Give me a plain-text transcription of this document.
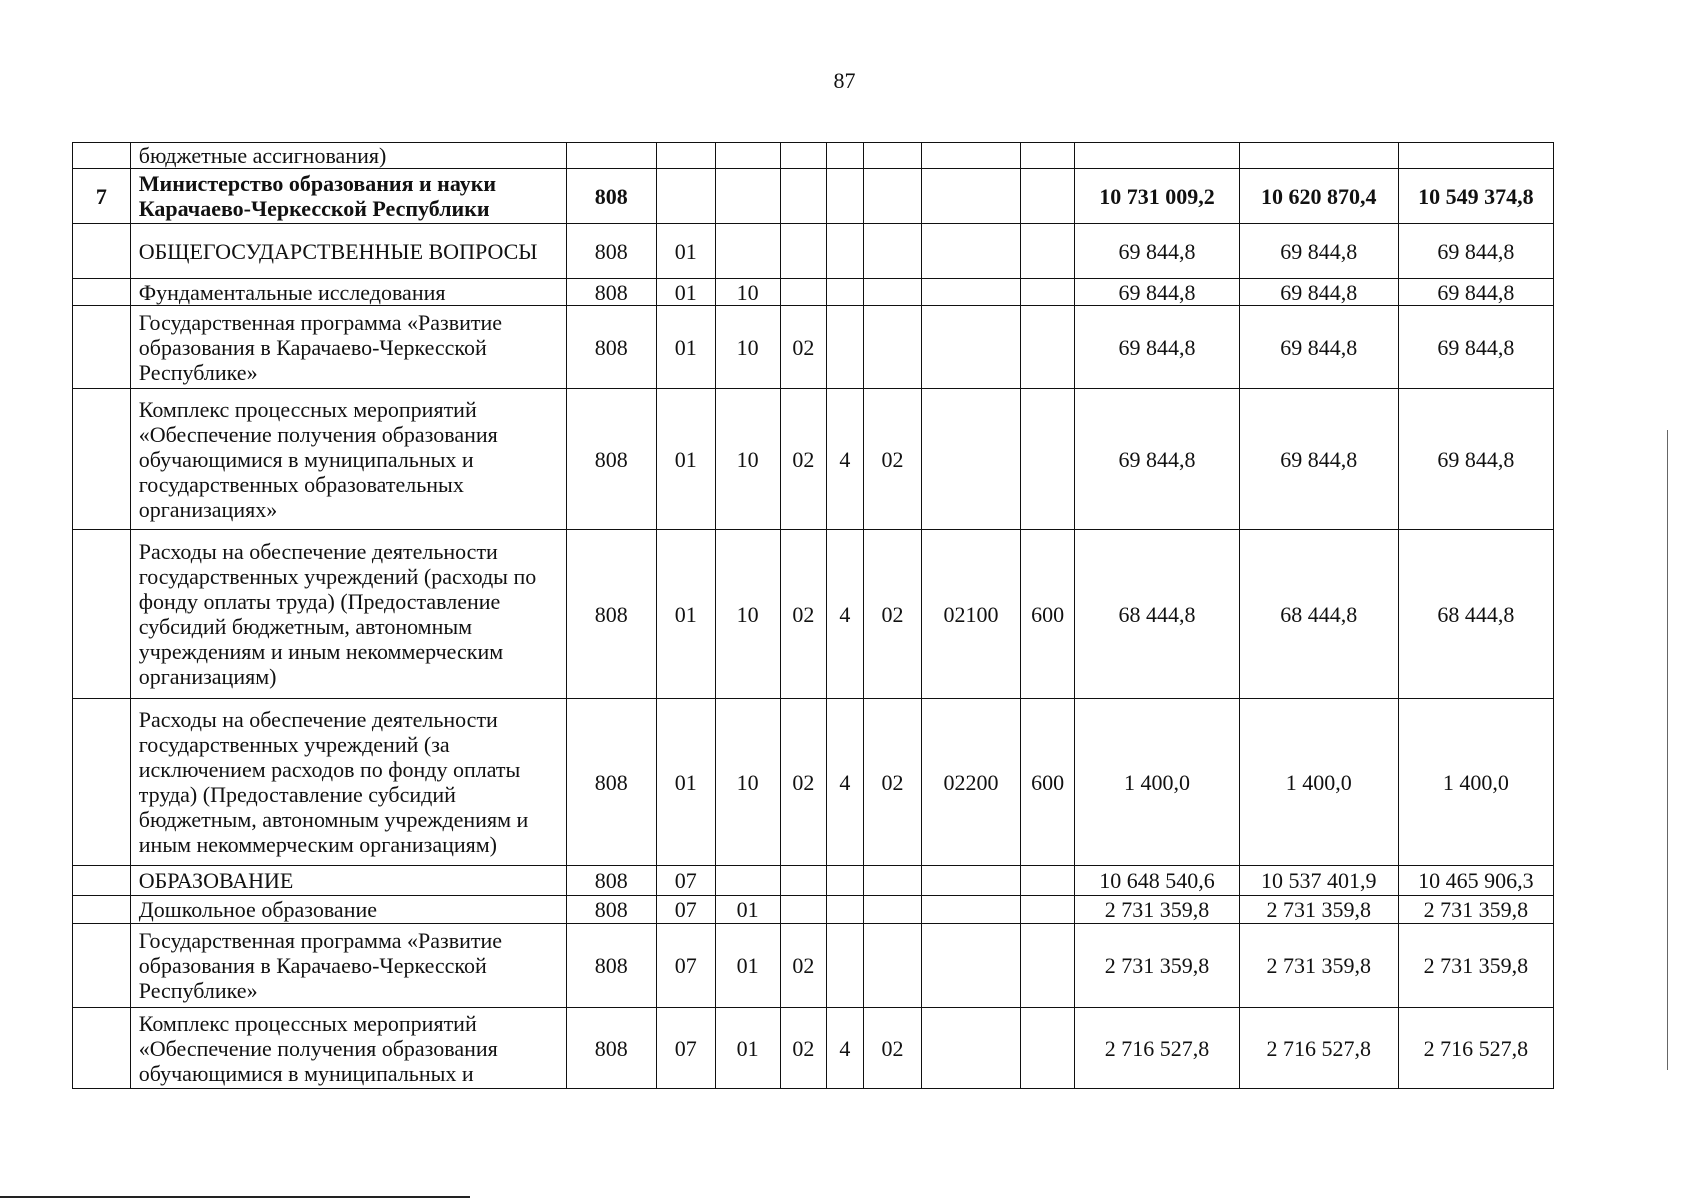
87
	бюджетные ассигнования)											
7	Министерство образования и науки Карачаево-Черкесской Республики	808								10 731 009,2	10 620 870,4	10 549 374,8
	ОБЩЕГОСУДАРСТВЕННЫЕ ВОПРОСЫ	808	01							69 844,8	69 844,8	69 844,8
	Фундаментальные исследования	808	01	10						69 844,8	69 844,8	69 844,8
	Государственная программа «Развитие образования в Карачаево-Черкесской Республике»	808	01	10	02					69 844,8	69 844,8	69 844,8
	Комплекс процессных мероприятий «Обеспечение получения образования обучающимися в муниципальных и государственных образовательных организациях»	808	01	10	02	4	02			69 844,8	69 844,8	69 844,8
	Расходы на обеспечение деятельности государственных учреждений (расходы по фонду оплаты труда) (Предоставление субсидий бюджетным, автономным учреждениям и иным некоммерческим организациям)	808	01	10	02	4	02	02100	600	68 444,8	68 444,8	68 444,8
	Расходы на обеспечение деятельности государственных учреждений (за исключением расходов по фонду оплаты труда) (Предоставление субсидий бюджетным, автономным учреждениям и иным некоммерческим организациям)	808	01	10	02	4	02	02200	600	1 400,0	1 400,0	1 400,0
	ОБРАЗОВАНИЕ	808	07							10 648 540,6	10 537 401,9	10 465 906,3
	Дошкольное образование	808	07	01						2 731 359,8	2 731 359,8	2 731 359,8
	Государственная программа «Развитие образования в Карачаево-Черкесской Республике»	808	07	01	02					2 731 359,8	2 731 359,8	2 731 359,8
	Комплекс процессных мероприятий «Обеспечение получения образования обучающимися в муниципальных и	808	07	01	02	4	02			2 716 527,8	2 716 527,8	2 716 527,8
